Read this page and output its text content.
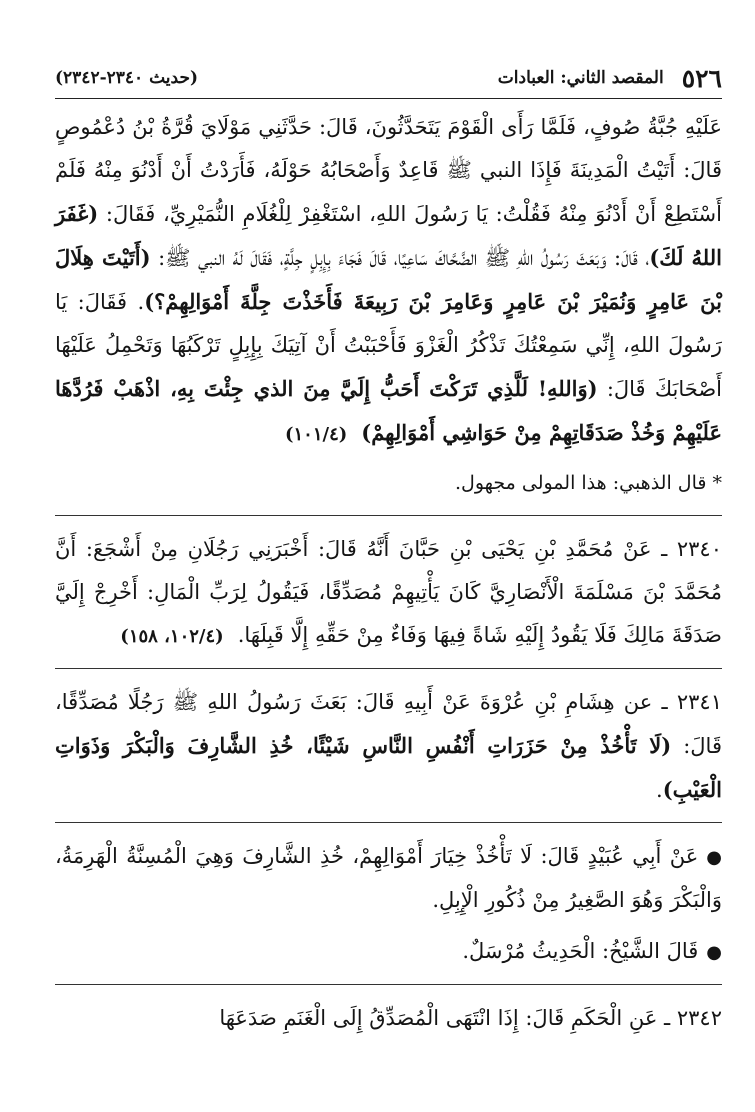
٥٢٦
المقصد الثاني: العبادات
(حديث ٢٣٤٠-٢٣٤٢)

عَلَيْهِ جُبَّةُ صُوفٍ، فَلَمَّا رَأَى الْقَوْمَ يَتَحَدَّثُونَ، قَالَ: حَدَّثَنِي مَوْلَايَ قُرَّةُ بْنُ دُعْمُوصٍ قَالَ: أَتَيْتُ الْمَدِينَةَ فَإِذَا النبي ﷺ قَاعِدٌ وَأَصْحَابُهُ حَوْلَهُ، فَأَرَدْتُ أَنْ أَدْنُوَ مِنْهُ فَلَمْ أَسْتَطِعْ أَنْ أَدْنُوَ مِنْهُ فَقُلْتُ: يَا رَسُولَ اللهِ، اسْتَغْفِرْ لِلْغُلَامِ النُّمَيْرِيِّ، فَقَالَ: (غَفَرَ اللهُ لَكَ)، قَالَ: وَبَعَثَ رَسُولُ اللهِ ﷺ الضَّحَّاكَ سَاعِيًا، قَالَ فَجَاءَ بِإِبِلٍ جِلَّةٍ، فَقَالَ لَهُ النبي ﷺ: (أَتَيْتَ هِلَالَ بْنَ عَامِرٍ وَنُمَيْرَ بْنَ عَامِرٍ وَعَامِرَ بْنَ رَبِيعَةَ فَأَخَذْتَ جِلَّةَ أَمْوَالِهِمْ؟). فَقَالَ: يَا رَسُولَ اللهِ، إِنِّي سَمِعْتُكَ تَذْكُرُ الْغَزْوَ فَأَحْبَبْتُ أَنْ آتِيَكَ بِإِبِلٍ تَرْكَبُهَا وَتَحْمِلُ عَلَيْهَا أَصْحَابَكَ قَالَ: (وَاللهِ! لَلَّذِي تَرَكْتَ أَحَبُّ إِلَيَّ مِنَ الذي جِئْتَ بِهِ، اذْهَبْ فَرُدَّهَا عَلَيْهِمْ وَخُذْ صَدَقَاتِهِمْ مِنْ حَوَاشِي أَمْوَالِهِمْ)(١٠١/٤)

* قال الذهبي: هذا المولى مجهول.

٢٣٤٠ ـ عَنْ مُحَمَّدِ بْنِ يَحْيَى بْنِ حَبَّانَ أَنَّهُ قَالَ: أَخْبَرَنِي رَجُلَانِ مِنْ أَشْجَعَ: أَنَّ مُحَمَّدَ بْنَ مَسْلَمَةَ الْأَنْصَارِيَّ كَانَ يَأْتِيهِمْ مُصَدِّقًا، فَيَقُولُ لِرَبِّ الْمَالِ: أَخْرِجْ إِلَيَّ صَدَقَةَ مَالِكَ فَلَا يَقُودُ إِلَيْهِ شَاةً فِيهَا وَفَاءٌ مِنْ حَقِّهِ إِلَّا قَبِلَهَا.(١٠٢/٤، ١٥٨)

٢٣٤١ ـ عن هِشَامِ بْنِ عُرْوَةَ عَنْ أَبِيهِ قَالَ: بَعَثَ رَسُولُ اللهِ ﷺ رَجُلًا مُصَدِّقًا، قَالَ: (لَا تَأْخُذْ مِنْ حَزَرَاتِ أَنْفُسِ النَّاسِ شَيْئًا، خُذِ الشَّارِفَ وَالْبَكْرَ وَذَوَاتِ الْعَيْبِ).

●عَنْ أَبِي عُبَيْدٍ قَالَ: لَا تَأْخُذْ خِيَارَ أَمْوَالِهِمْ، خُذِ الشَّارِفَ وَهِيَ الْمُسِنَّةُ الْهَرِمَةُ، وَالْبَكْرَ وَهُوَ الصَّغِيرُ مِنْ ذُكُورِ الْإِبِلِ.

●قَالَ الشَّيْخُ: الْحَدِيثُ مُرْسَلٌ.

٢٣٤٢ ـ عَنِ الْحَكَمِ قَالَ: إِذَا انْتَهَى الْمُصَدِّقُ إِلَى الْغَنَمِ صَدَعَهَا
